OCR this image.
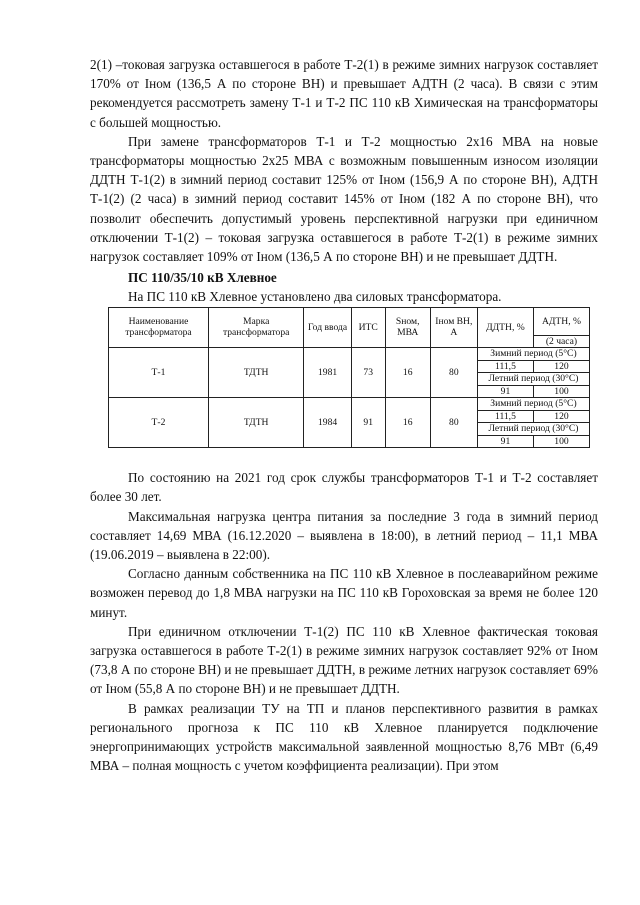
2(1) –токовая загрузка оставшегося в работе Т-2(1) в режиме зимних нагрузок составляет 170% от Iном (136,5 А по стороне ВН) и превышает АДТН (2 часа). В связи с этим рекомендуется рассмотреть замену Т-1 и Т-2 ПС 110 кВ Химическая на трансформаторы с большей мощностью.

При замене трансформаторов Т-1 и Т-2 мощностью 2х16 МВА на новые трансформаторы мощностью 2х25 МВА с возможным повышенным износом изоляции ДДТН Т-1(2) в зимний период составит 125% от Iном (156,9 А по стороне ВН), АДТН Т-1(2) (2 часа) в зимний период составит 145% от Iном (182 А по стороне ВН), что позволит обеспечить допустимый уровень перспективной нагрузки при единичном отключении Т-1(2) – токовая загрузка оставшегося в работе Т-2(1) в режиме зимних нагрузок составляет 109% от Iном (136,5 А по стороне ВН) и не превышает ДДТН.

ПС 110/35/10 кВ Хлевное

На ПС 110 кВ Хлевное установлено два силовых трансформатора.

Наименование трансформатора	Марка трансформатора	Год ввода	ИТС	Sном, МВА	Iном ВН, А	ДДТН, %	АДТН, %
							(2 часа)
Т-1	ТДТН	1981	73	16	80	Зимний период (5°С)	
						111,5	120
						Летний период (30°С)	
						91	100
Т-2	ТДТН	1984	91	16	80	Зимний период (5°С)	
						111,5	120
						Летний период (30°С)	
						91	100

По состоянию на 2021 год срок службы трансформаторов Т-1 и Т-2 составляет более 30 лет.

Максимальная нагрузка центра питания за последние 3 года в зимний период составляет 14,69 МВА (16.12.2020 – выявлена в 18:00), в летний период – 11,1 МВА (19.06.2019 – выявлена в 22:00).

Согласно данным собственника на ПС 110 кВ Хлевное в послеаварийном режиме возможен перевод до 1,8 МВА нагрузки на ПС 110 кВ Гороховская за время не более 120 минут.

При единичном отключении Т-1(2) ПС 110 кВ Хлевное фактическая токовая загрузка оставшегося в работе Т-2(1) в режиме зимних нагрузок составляет 92% от Iном (73,8 А по стороне ВН) и не превышает ДДТН, в режиме летних нагрузок составляет 69% от Iном (55,8 А по стороне ВН) и не превышает ДДТН.

В рамках реализации ТУ на ТП и планов перспективного развития в рамках регионального прогноза к ПС 110 кВ Хлевное планируется подключение энергопринимающих устройств максимальной заявленной мощностью 8,76 МВт (6,49 МВА – полная мощность с учетом коэффициента реализации). При этом
